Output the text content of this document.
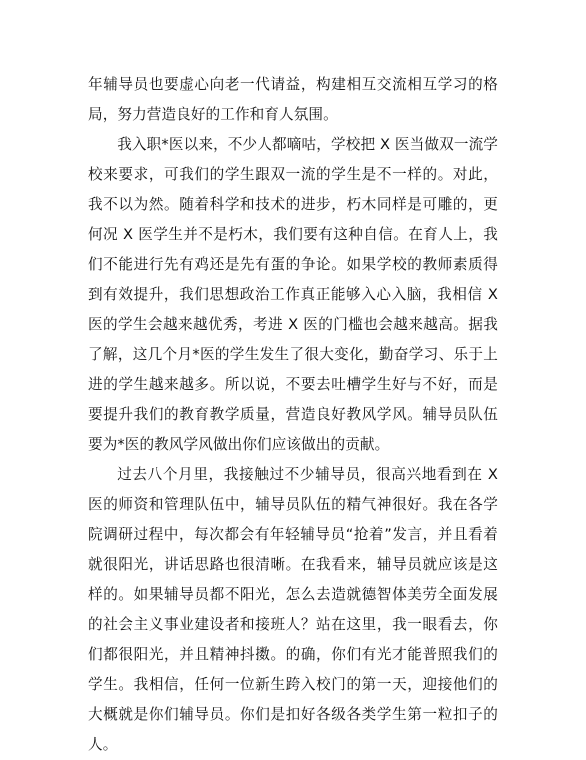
年辅导员也要虚心向老一代请益，构建相互交流相互学习的格局，努力营造良好的工作和育人氛围。

我入职*医以来，不少人都嘀咕，学校把 X 医当做双一流学校来要求，可我们的学生跟双一流的学生是不一样的。对此，我不以为然。随着科学和技术的进步，朽木同样是可雕的，更何况 X 医学生并不是朽木，我们要有这种自信。在育人上，我们不能进行先有鸡还是先有蛋的争论。如果学校的教师素质得到有效提升，我们思想政治工作真正能够入心入脑，我相信 X 医的学生会越来越优秀，考进 X 医的门槛也会越来越高。据我了解，这几个月*医的学生发生了很大变化，勤奋学习、乐于上进的学生越来越多。所以说，不要去吐槽学生好与不好，而是要提升我们的教育教学质量，营造良好教风学风。辅导员队伍要为*医的教风学风做出你们应该做出的贡献。

过去八个月里，我接触过不少辅导员，很高兴地看到在 X 医的师资和管理队伍中，辅导员队伍的精气神很好。我在各学院调研过程中，每次都会有年轻辅导员“抢着”发言，并且看着就很阳光，讲话思路也很清晰。在我看来，辅导员就应该是这样的。如果辅导员都不阳光，怎么去造就德智体美劳全面发展的社会主义事业建设者和接班人？站在这里，我一眼看去，你们都很阳光，并且精神抖擞。的确，你们有光才能普照我们的学生。我相信，任何一位新生跨入校门的第一天，迎接他们的大概就是你们辅导员。你们是扣好各级各类学生第一粒扣子的人。
